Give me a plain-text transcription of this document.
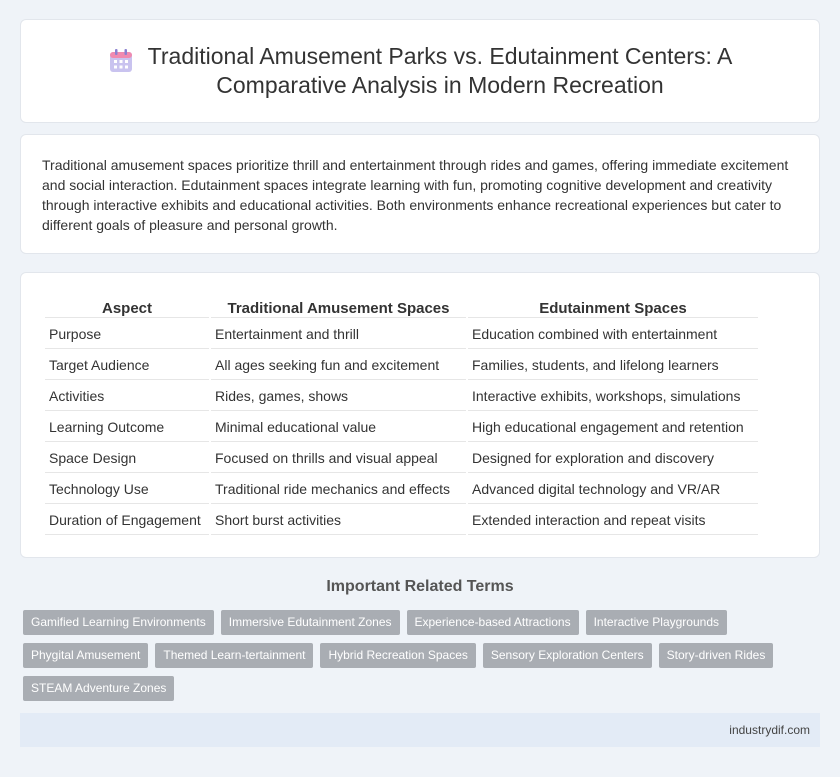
Traditional Amusement Parks vs. Edutainment Centers: A
Comparative Analysis in Modern Recreation

Traditional amusement spaces prioritize thrill and entertainment through rides and games, offering immediate excitement and social interaction. Edutainment spaces integrate learning with fun, promoting cognitive development and creativity through interactive exhibits and educational activities. Both environments enhance recreational experiences but cater to different goals of pleasure and personal growth.

Aspect	Traditional Amusement Spaces	Edutainment Spaces
Purpose	Entertainment and thrill	Education combined with entertainment
Target Audience	All ages seeking fun and excitement	Families, students, and lifelong learners
Activities	Rides, games, shows	Interactive exhibits, workshops, simulations
Learning Outcome	Minimal educational value	High educational engagement and retention
Space Design	Focused on thrills and visual appeal	Designed for exploration and discovery
Technology Use	Traditional ride mechanics and effects	Advanced digital technology and VR/AR
Duration of Engagement	Short burst activities	Extended interaction and repeat visits
Important Related Terms
Gamified Learning Environments	Immersive Edutainment Zones	Experience-based Attractions	Interactive Playgrounds
Phygital Amusement	Themed Learn-tertainment	Hybrid Recreation Spaces	Sensory Exploration Centers	Story-driven Rides
STEAM Adventure Zones
industrydif.com
